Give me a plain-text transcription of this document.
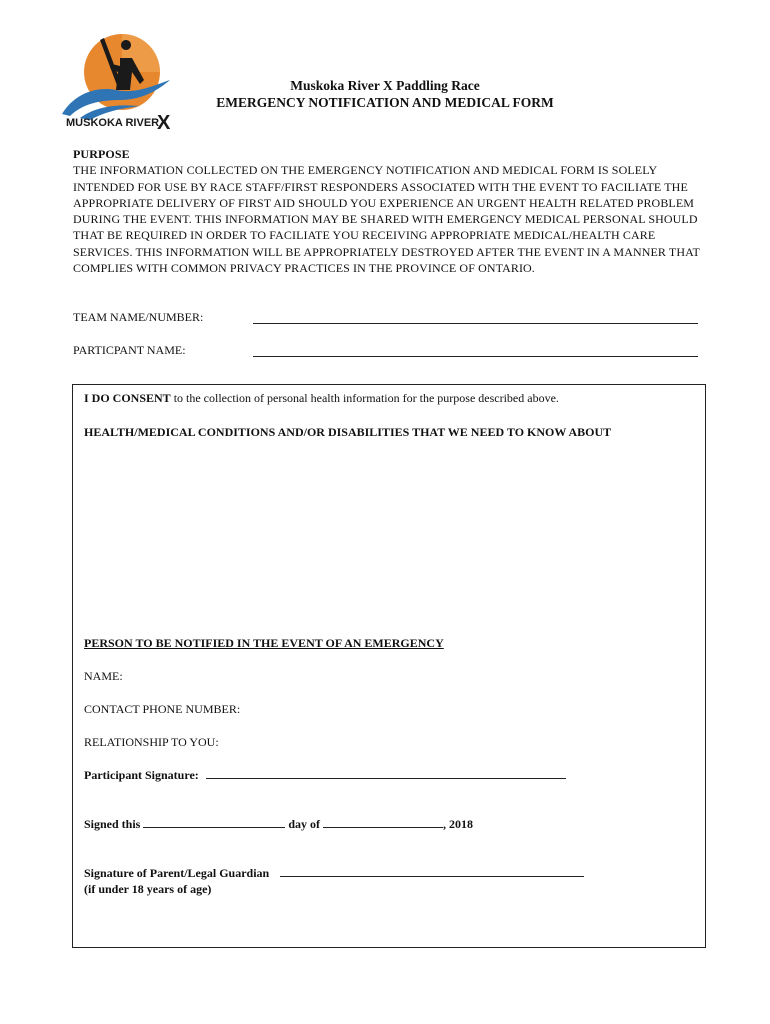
MUSKOKA RIVER
X
Muskoka River X Paddling Race
EMERGENCY NOTIFICATION AND MEDICAL FORM
PURPOSE
THE INFORMATION COLLECTED ON THE EMERGENCY NOTIFICATION AND MEDICAL FORM IS SOLELY INTENDED FOR USE BY RACE STAFF/FIRST RESPONDERS ASSOCIATED WITH THE EVENT TO FACILIATE THE APPROPRIATE DELIVERY OF FIRST AID SHOULD YOU EXPERIENCE AN URGENT HEALTH RELATED PROBLEM DURING THE EVENT. THIS INFORMATION MAY BE SHARED WITH EMERGENCY MEDICAL PERSONAL SHOULD THAT BE REQUIRED IN ORDER TO FACILIATE YOU RECEIVING APPROPRIATE MEDICAL/HEALTH CARE SERVICES. THIS INFORMATION WILL BE APPROPRIATELY DESTROYED AFTER THE EVENT IN A MANNER THAT COMPLIES WITH COMMON PRIVACY PRACTICES IN THE PROVINCE OF ONTARIO.
TEAM NAME/NUMBER:
PARTICPANT NAME:
I DO CONSENT to the collection of personal health information for the purpose described above.
HEALTH/MEDICAL CONDITIONS AND/OR DISABILITIES THAT WE NEED TO KNOW ABOUT
PERSON TO BE NOTIFIED IN THE EVENT OF AN EMERGENCY
NAME:
CONTACT PHONE NUMBER:
RELATIONSHIP TO YOU:
Participant Signature:
Signed this	day of	, 2018
Signature of Parent/Legal Guardian
(if under 18 years of age)
